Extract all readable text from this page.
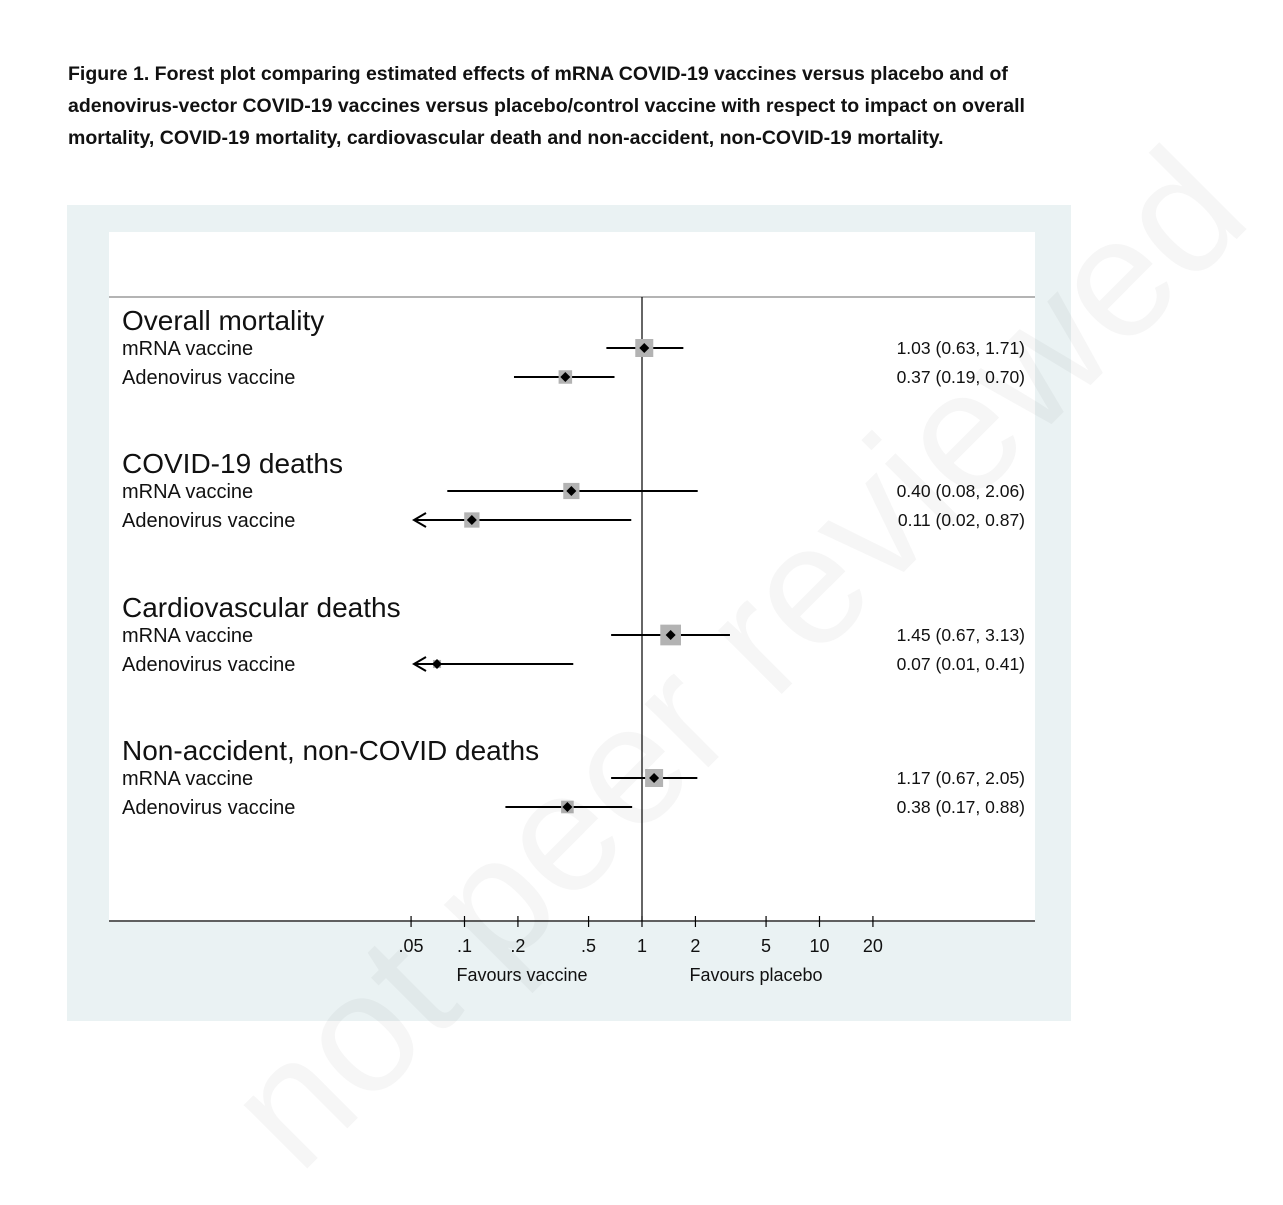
Figure 1. Forest plot comparing estimated effects of mRNA COVID-19 vaccines versus placebo and of adenovirus-vector COVID-19 vaccines versus placebo/control vaccine with respect to impact on overall mortality, COVID-19 mortality, cardiovascular death and non-accident, non-COVID-19 mortality.
.05 .1 .2	.5 1 2	5 10 20
Favours vaccine	Favours placebo
Overall mortality
mRNA vaccine	1.03 (0.63, 1.71)
Adenovirus vaccine	0.37 (0.19, 0.70)
COVID-19 deaths
mRNA vaccine	0.40 (0.08, 2.06)
Adenovirus vaccine	0.11 (0.02, 0.87)
Cardiovascular deaths
mRNA vaccine	1.45 (0.67, 3.13)
Adenovirus vaccine	0.07 (0.01, 0.41)
Non-accident, non-COVID deaths
mRNA vaccine	1.17 (0.67, 2.05)
Adenovirus vaccine	0.38 (0.17, 0.88)
